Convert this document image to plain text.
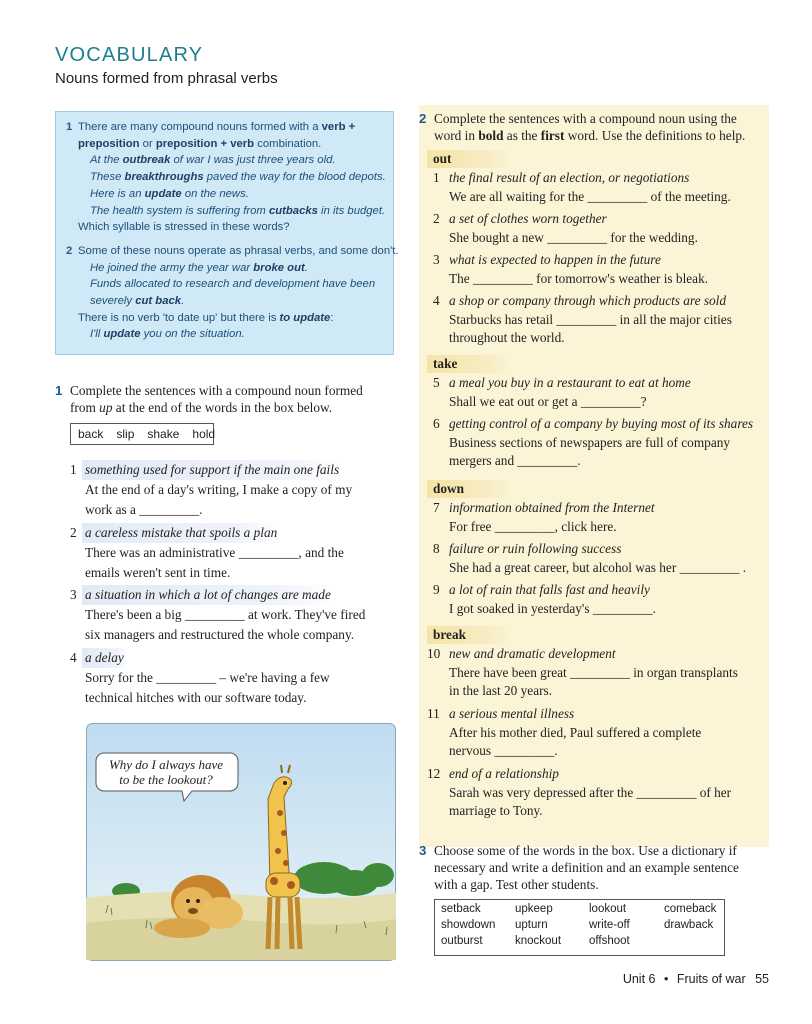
VOCABULARY
Nouns formed from phrasal verbs
1 There are many compound nouns formed with a verb +
preposition or preposition + verb combination.
At the outbreak of war I was just three years old.
These breakthroughs paved the way for the blood depots.
Here is an update on the news.
The health system is suffering from cutbacks in its budget.
Which syllable is stressed in these words?
2 Some of these nouns operate as phrasal verbs, and some don't.
He joined the army the year war broke out.
Funds allocated to research and development have been
severely cut back.
There is no verb 'to date up' but there is to update:
I'll update you on the situation.
1 Complete the sentences with a compound noun formed
from up at the end of the words in the box below.
back slip shake hold
1 something used for support if the main one fails
At the end of a day's writing, I make a copy of my
work as a _________.
2 a careless mistake that spoils a plan
There was an administrative _________, and the
emails weren't sent in time.
3 a situation in which a lot of changes are made
There's been a big _________ at work. They've fired
six managers and restructured the whole company.
4 a delay
Sorry for the _________ – we're having a few
technical hitches with our software today.
Why do I always have
to be the lookout?
2 Complete the sentences with a compound noun using the
word in bold as the first word. Use the definitions to help.
out
1 the final result of an election, or negotiations
We are all waiting for the _________ of the meeting.
2 a set of clothes worn together
She bought a new _________ for the wedding.
3 what is expected to happen in the future
The _________ for tomorrow's weather is bleak.
4 a shop or company through which products are sold
Starbucks has retail _________ in all the major cities
throughout the world.
take
5 a meal you buy in a restaurant to eat at home
Shall we eat out or get a _________?
6 getting control of a company by buying most of its shares
Business sections of newspapers are full of company
mergers and _________.
down
7 information obtained from the Internet
For free _________, click here.
8 failure or ruin following success
She had a great career, but alcohol was her _________ .
9 a lot of rain that falls fast and heavily
I got soaked in yesterday's _________.
break
10 new and dramatic development
There have been great _________ in organ transplants
in the last 20 years.
11 a serious mental illness
After his mother died, Paul suffered a complete
nervous _________.
12 end of a relationship
Sarah was very depressed after the _________ of her
marriage to Tony.
3 Choose some of the words in the box. Use a dictionary if
necessary and write a definition and an example sentence
with a gap. Test other students.
setback	upkeep	lookout	comeback
showdown	upturn	write-off	drawback
outburst	knockout	offshoot
Unit 6 • Fruits of war 55
